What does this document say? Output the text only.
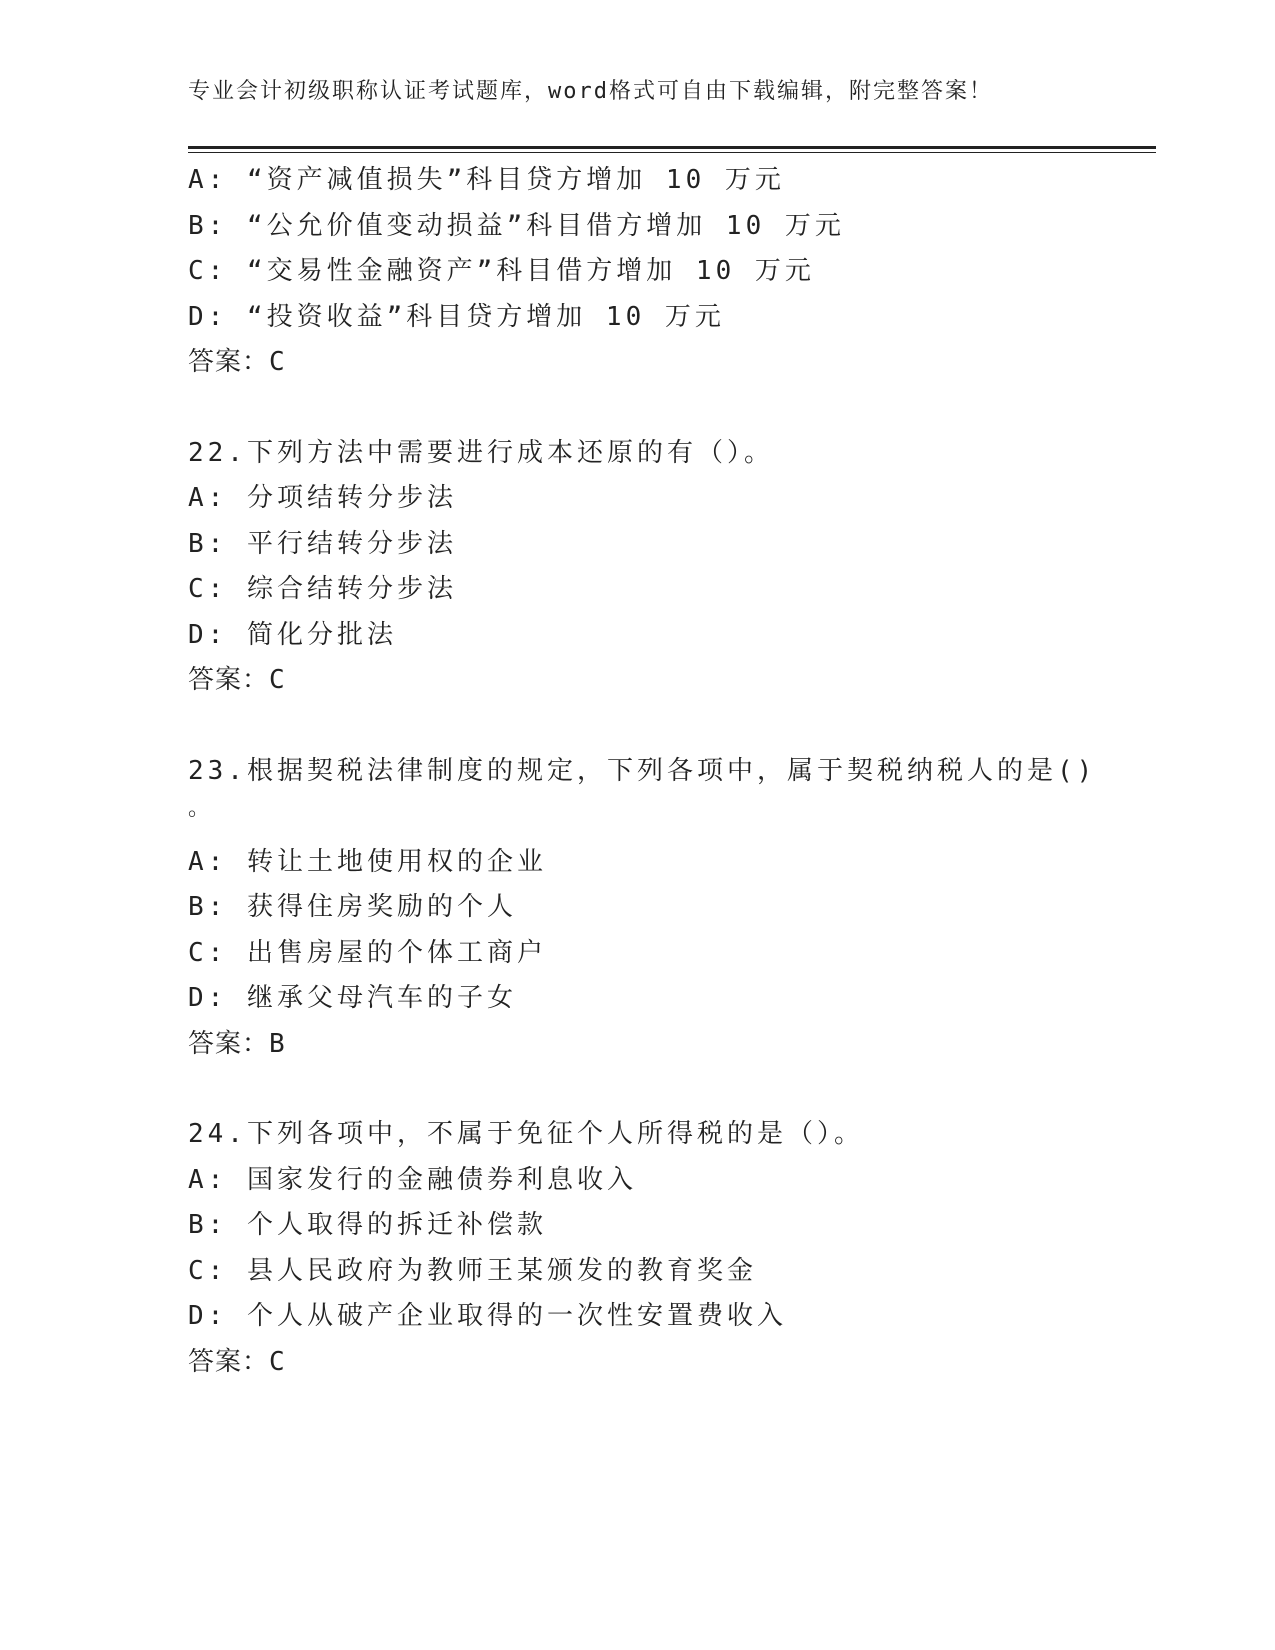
专业会计初级职称认证考试题库，word格式可自由下载编辑，附完整答案！
A: “资产减值损失”科目贷方增加 10 万元
B: “公允价值变动损益”科目借方增加 10 万元
C: “交易性金融资产”科目借方增加 10 万元
D: “投资收益”科目贷方增加 10 万元
答案：C
22.下列方法中需要进行成本还原的有（）。
A: 分项结转分步法
B: 平行结转分步法
C: 综合结转分步法
D: 简化分批法
答案：C
23.根据契税法律制度的规定，下列各项中，属于契税纳税人的是()
。
A: 转让土地使用权的企业
B: 获得住房奖励的个人
C: 出售房屋的个体工商户
D: 继承父母汽车的子女
答案：B
24.下列各项中，不属于免征个人所得税的是（）。
A: 国家发行的金融债券利息收入
B: 个人取得的拆迁补偿款
C: 县人民政府为教师王某颁发的教育奖金
D: 个人从破产企业取得的一次性安置费收入
答案：C
